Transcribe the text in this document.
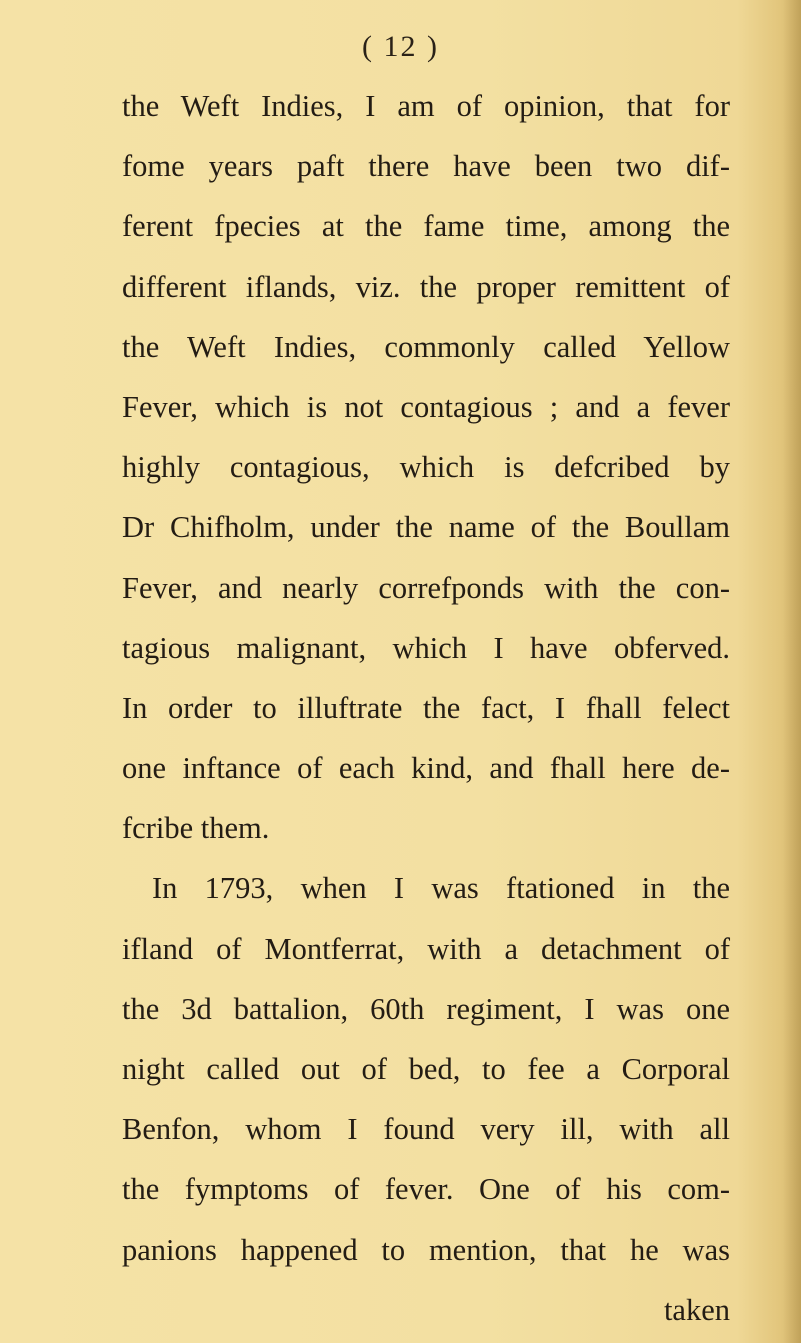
( 12 )
the Weft Indies, I am of opinion, that for
fome years paft there have been two dif-
ferent fpecies at the fame time, among the
different iflands, viz. the proper remittent of
the Weft Indies, commonly called Yellow
Fever, which is not contagious ; and a fever
highly contagious, which is defcribed by
Dr Chifholm, under the name of the Boullam
Fever, and nearly correfponds with the con-
tagious malignant, which I have obferved.
In order to illuftrate the fact, I fhall felect
one inftance of each kind, and fhall here de-
fcribe them.
In 1793, when I was ftationed in the
ifland of Montferrat, with a detachment of
the 3d battalion, 60th regiment, I was one
night called out of bed, to fee a Corporal
Benfon, whom I found very ill, with all
the fymptoms of fever. One of his com-
panions happened to mention, that he was
taken
